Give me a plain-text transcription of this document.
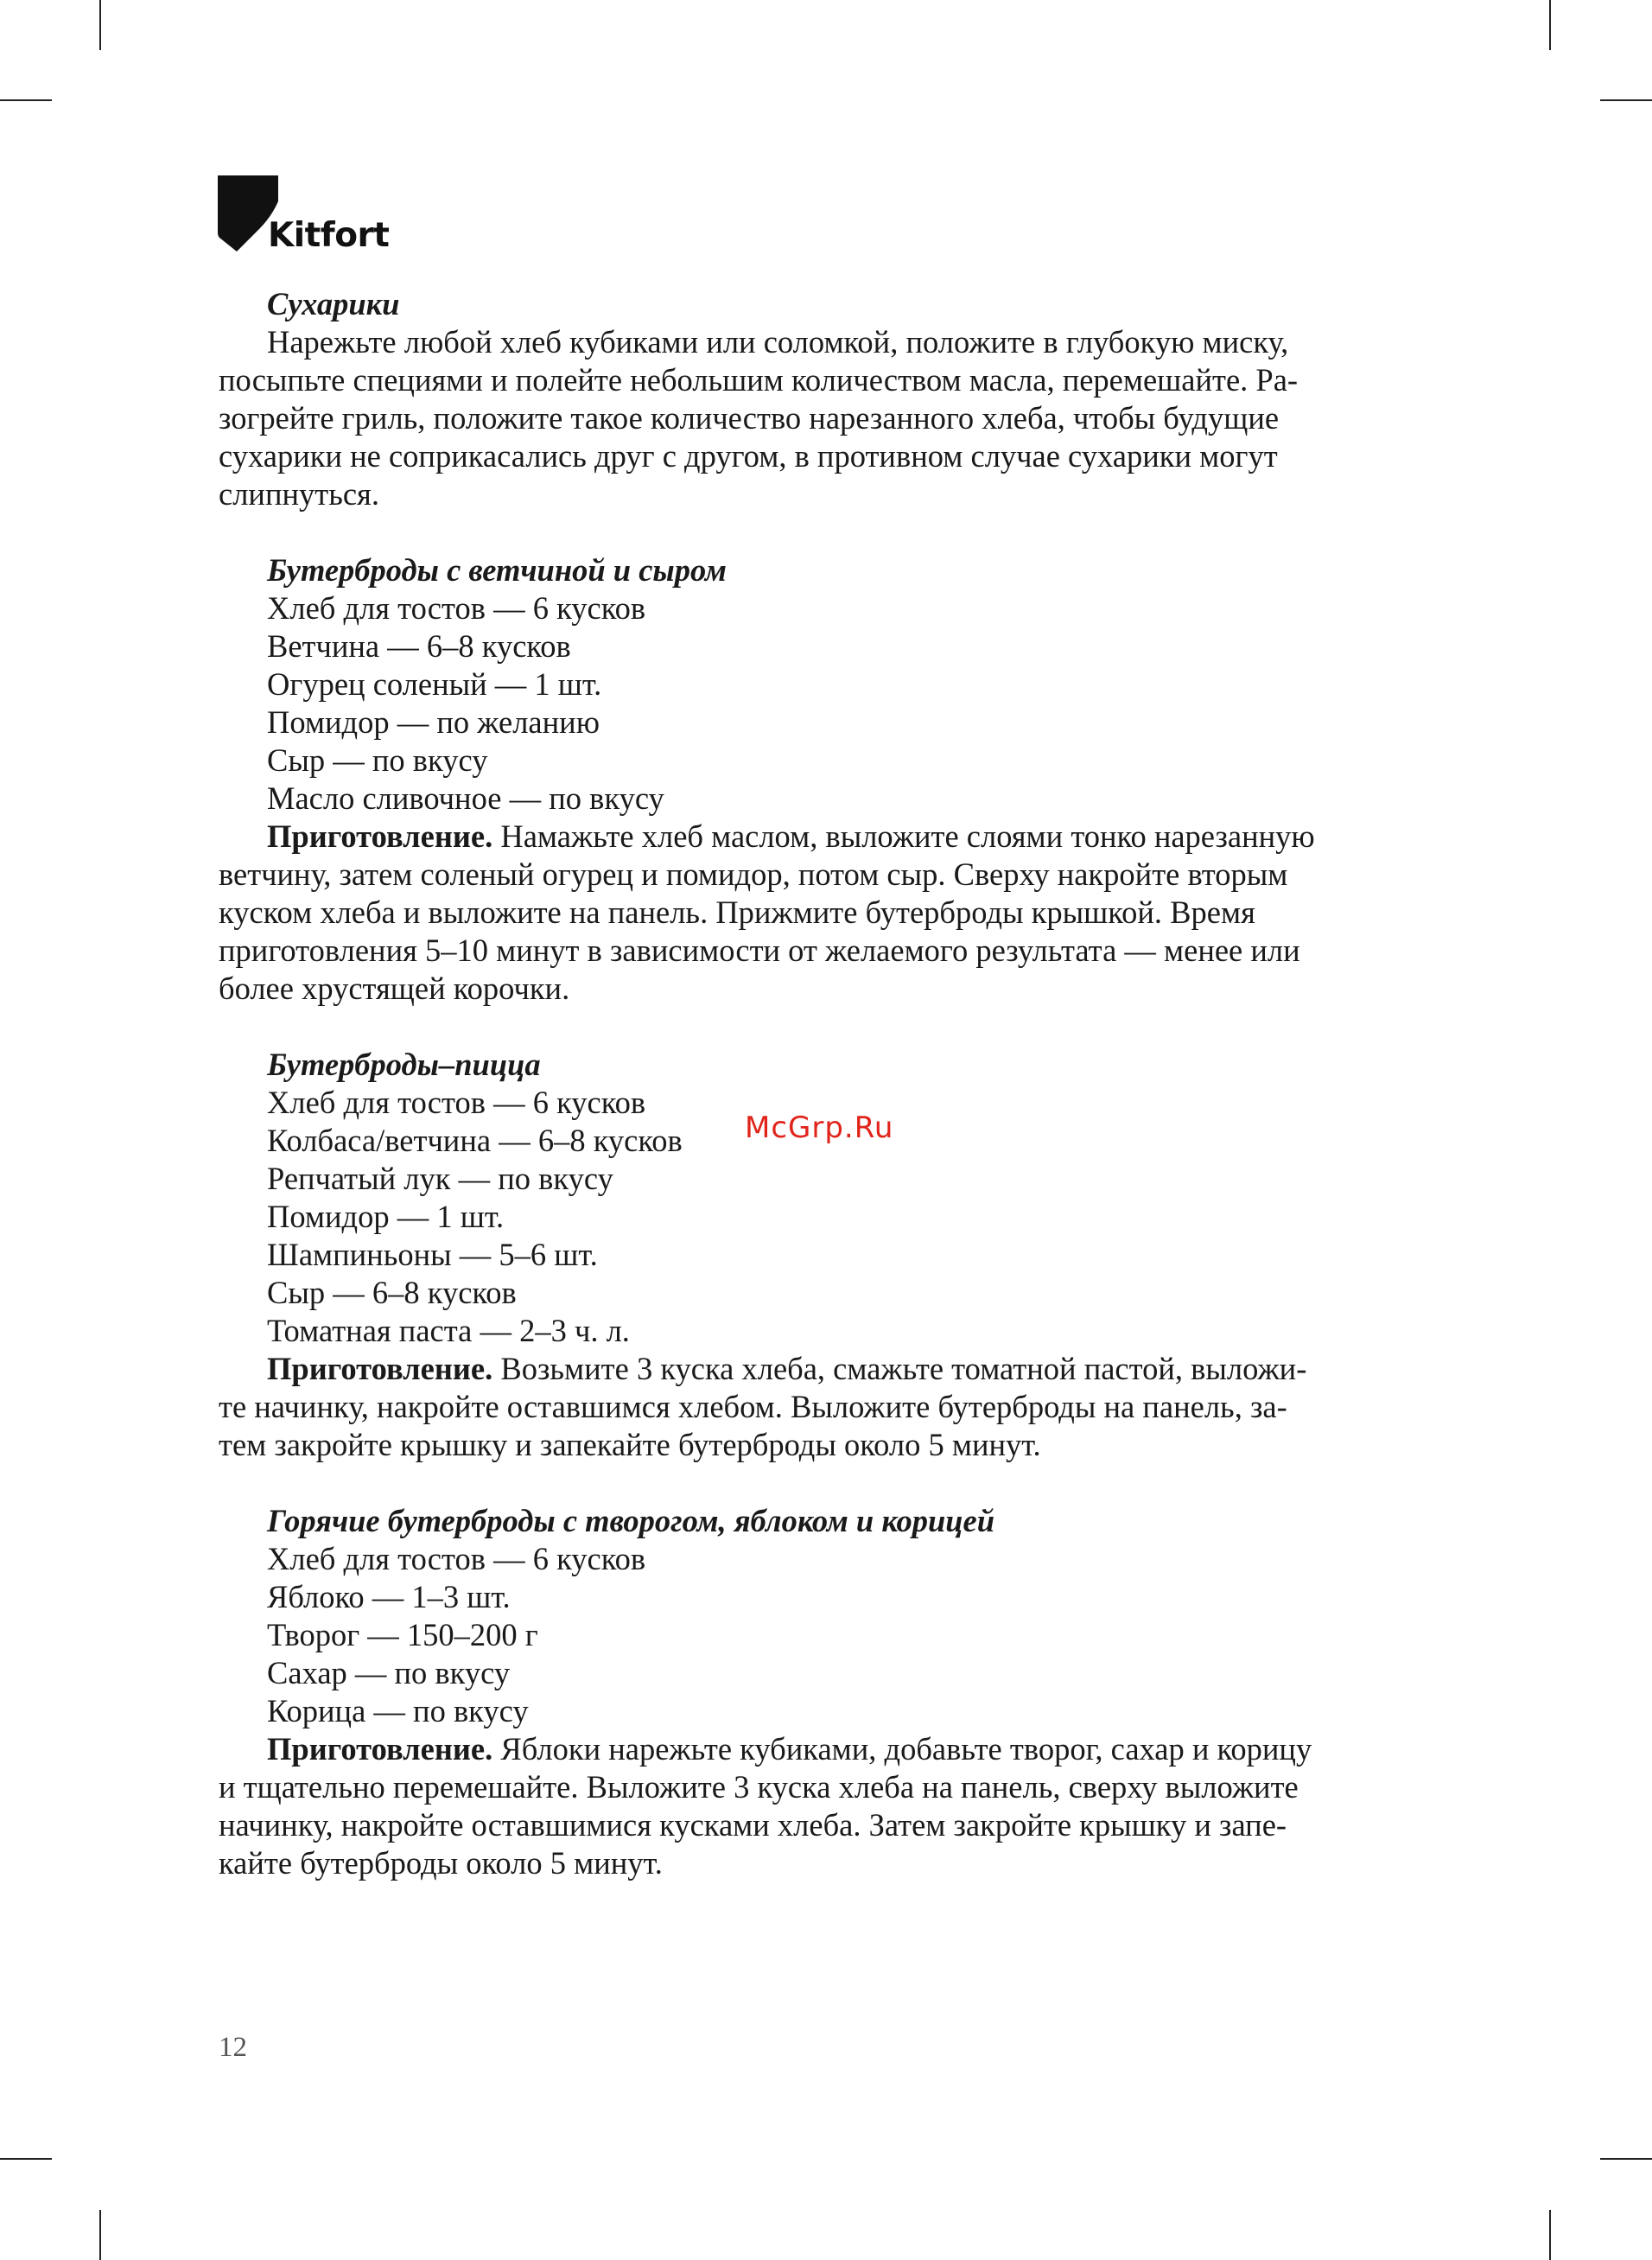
Kitfort
Сухарики
Нарежьте любой хлеб кубиками или соломкой, положите в глубокую миску,
посыпьте специями и полейте небольшим количеством масла, перемешайте. Ра-
зогрейте гриль, положите такое количество нарезанного хлеба, чтобы будущие
сухарики не соприкасались друг с другом, в противном случае сухарики могут
слипнуться.
Бутерброды с ветчиной и сыром
Хлеб для тостов — 6 кусков
Ветчина — 6–8 кусков
Огурец соленый — 1 шт.
Помидор — по желанию
Сыр — по вкусу
Масло сливочное — по вкусу
Приготовление. Намажьте хлеб маслом, выложите слоями тонко нарезанную
ветчину, затем соленый огурец и помидор, потом сыр. Сверху накройте вторым
куском хлеба и выложите на панель. Прижмите бутерброды крышкой. Время
приготовления 5–10 минут в зависимости от желаемого результата — менее или
более хрустящей корочки.
Бутерброды–пицца
Хлеб для тостов — 6 кусков
Колбаса/ветчина — 6–8 кусков
Репчатый лук — по вкусу
Помидор — 1 шт.
Шампиньоны — 5–6 шт.
Сыр — 6–8 кусков
Томатная паста — 2–3 ч. л.
Приготовление. Возьмите 3 куска хлеба, смажьте томатной пастой, выложи-
те начинку, накройте оставшимся хлебом. Выложите бутерброды на панель, за-
тем закройте крышку и запекайте бутерброды около 5 минут.
Горячие бутерброды с творогом, яблоком и корицей
Хлеб для тостов — 6 кусков
Яблоко — 1–3 шт.
Творог — 150–200 г
Сахар — по вкусу
Корица — по вкусу
Приготовление. Яблоки нарежьте кубиками, добавьте творог, сахар и корицу
и тщательно перемешайте. Выложите 3 куска хлеба на панель, сверху выложите
начинку, накройте оставшимися кусками хлеба. Затем закройте крышку и запе-
кайте бутерброды около 5 минут.
McGrp.Ru
12
